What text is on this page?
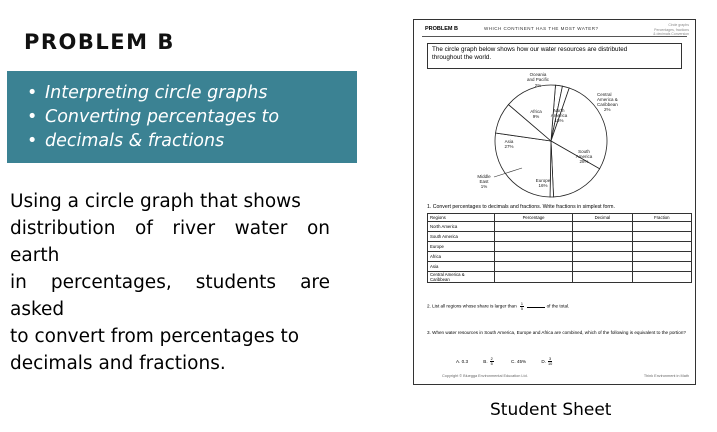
PROBLEM B
• Interpreting circle graphs
• Converting percentages to
• decimals & fractions
Using a circle graph that shows
distribution of river water on earth
in percentages, students are asked
to convert from percentages to
decimals and fractions.
PROBLEM B	WHICH CONTINENT HAS THE MOST WATER?
Circle graphs
Percentages, fractions
& decimals Conversion
The circle graph below shows how our water resources are distributed
throughout the world.
Oceania
and Pacific
2%
Central
America &
Caribbean
2%
Africa
9%
North
America
15%
Asia
27%
South
America
28%
Middle
East
1%
Europe
16%
1. Convert percentages to decimals and fractions. Write fractions in simplest form.
Regions	Percentage	Decimal	Fraction
North America			
South America			
Europe			
Africa			
Asia			
Central America &
Caribbean			
2. List all regions whose share is larger than $\frac{1}{5}$	of the total.
3. When water resources in South America, Europe and Africa are combined, which of the following is equivalent to the portion?
A. 0.3	B. $\frac{2}{5}$	C. 45%	D. $\frac{3}{10}$
Copyright © Bluegga Environmental Education Ltd.	Think Environment in Math
Student Sheet
